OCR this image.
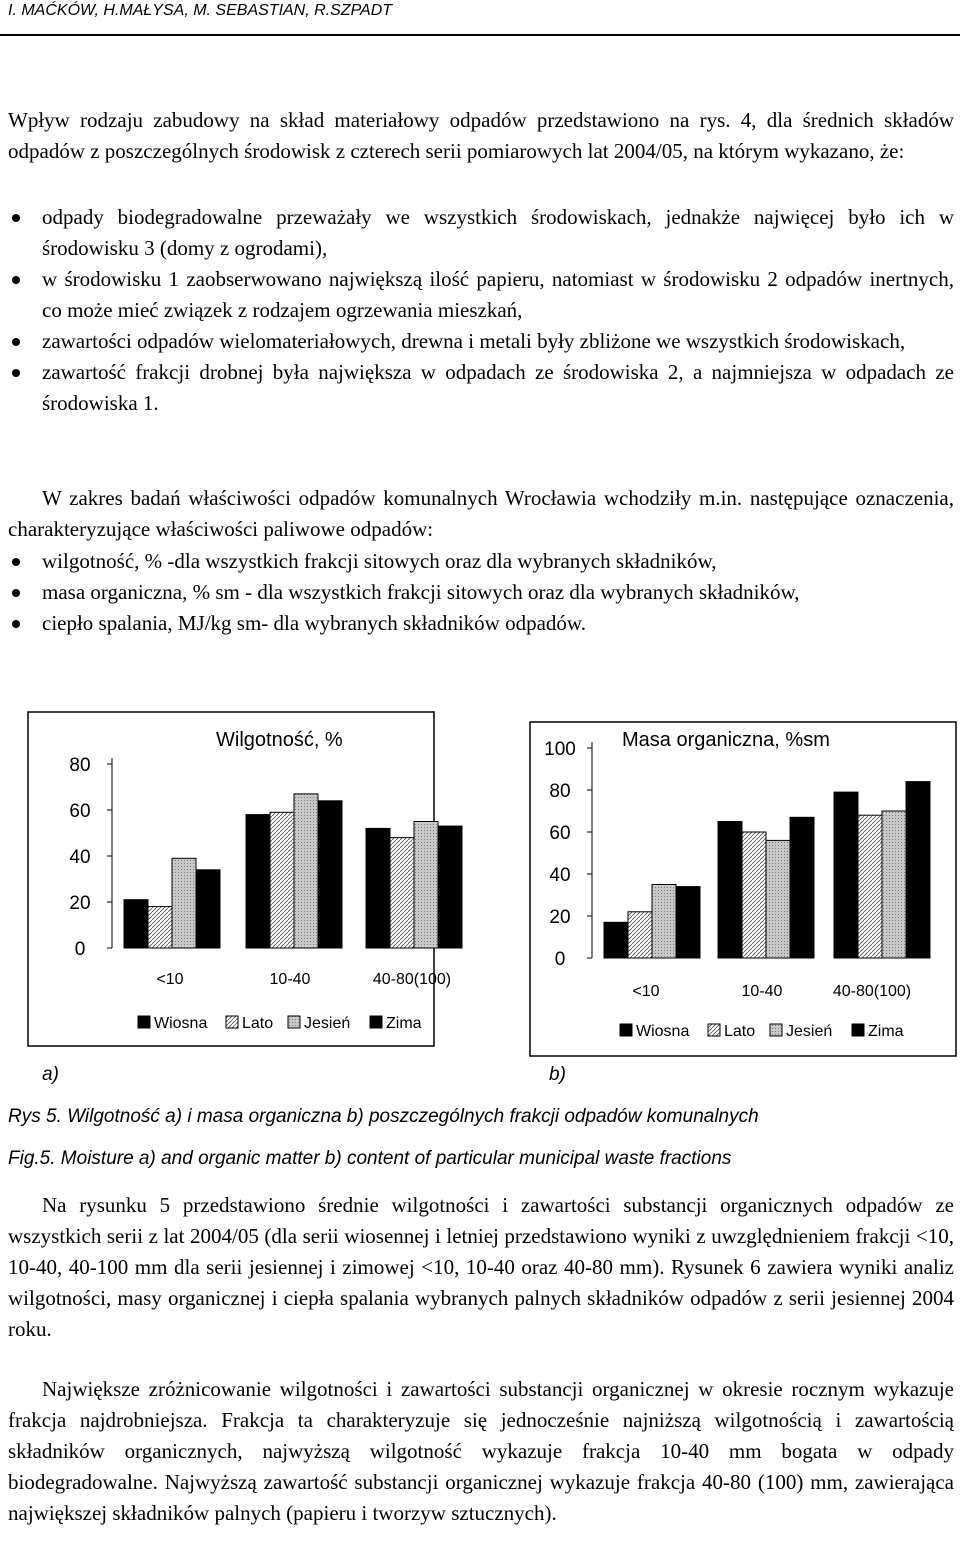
I. MAĆKÓW, H.MAŁYSA, M. SEBASTIAN, R.SZPADT

Wpływ rodzaju zabudowy na skład materiałowy odpadów przedstawiono na rys. 4, dla średnich składów odpadów z poszczególnych środowisk z czterech serii pomiarowych lat 2004/05, na którym wykazano, że:

odpady biodegradowalne przeważały we wszystkich środowiskach, jednakże najwięcej było ich w środowisku 3 (domy z ogrodami),
w środowisku 1 zaobserwowano największą ilość papieru, natomiast w środowisku 2 odpadów inertnych, co może mieć związek z rodzajem ogrzewania mieszkań,
zawartości odpadów wielomateriałowych, drewna i metali były zbliżone we wszystkich środowiskach,
zawartość frakcji drobnej była największa w odpadach ze środowiska 2, a najmniejsza w odpadach ze środowiska 1.

W zakres badań właściwości odpadów komunalnych Wrocławia wchodziły m.in. następujące oznaczenia, charakteryzujące właściwości paliwowe odpadów:

wilgotność, % -dla wszystkich frakcji sitowych oraz dla wybranych składników,
masa organiczna, % sm - dla wszystkich frakcji sitowych oraz dla wybranych składników,
ciepło spalania, MJ/kg sm- dla wybranych składników odpadów.
Wilgotność, %
0
20
40
60
80
<10	10-40	40-80(100)
Wiosna Lato Jesień Zima
Masa organiczna, %sm
0
20
40
60
80
100
<10	10-40	40-80(100)
Wiosna Lato Jesień Zima
a)	b)
Rys 5. Wilgotność a) i masa organiczna b) poszczególnych frakcji odpadów komunalnych
Fig.5. Moisture a) and organic matter b) content of particular municipal waste fractions

Na rysunku 5 przedstawiono średnie wilgotności i zawartości substancji organicznych odpadów ze wszystkich serii z lat 2004/05 (dla serii wiosennej i letniej przedstawiono wyniki z uwzględnieniem frakcji <10, 10-40, 40-100 mm dla serii jesiennej i zimowej <10, 10-40 oraz 40-80 mm). Rysunek 6 zawiera wyniki analiz wilgotności, masy organicznej i ciepła spalania wybranych palnych składników odpadów z serii jesiennej 2004 roku.

Największe zróżnicowanie wilgotności i zawartości substancji organicznej w okresie rocznym wykazuje frakcja najdrobniejsza. Frakcja ta charakteryzuje się jednocześnie najniższą wilgotnością i zawartością składników organicznych, najwyższą wilgotność wykazuje frakcja 10-40 mm bogata w odpady biodegradowalne. Najwyższą zawartość substancji organicznej wykazuje frakcja 40-80 (100) mm, zawierająca największej składników palnych (papieru i tworzyw sztucznych).
